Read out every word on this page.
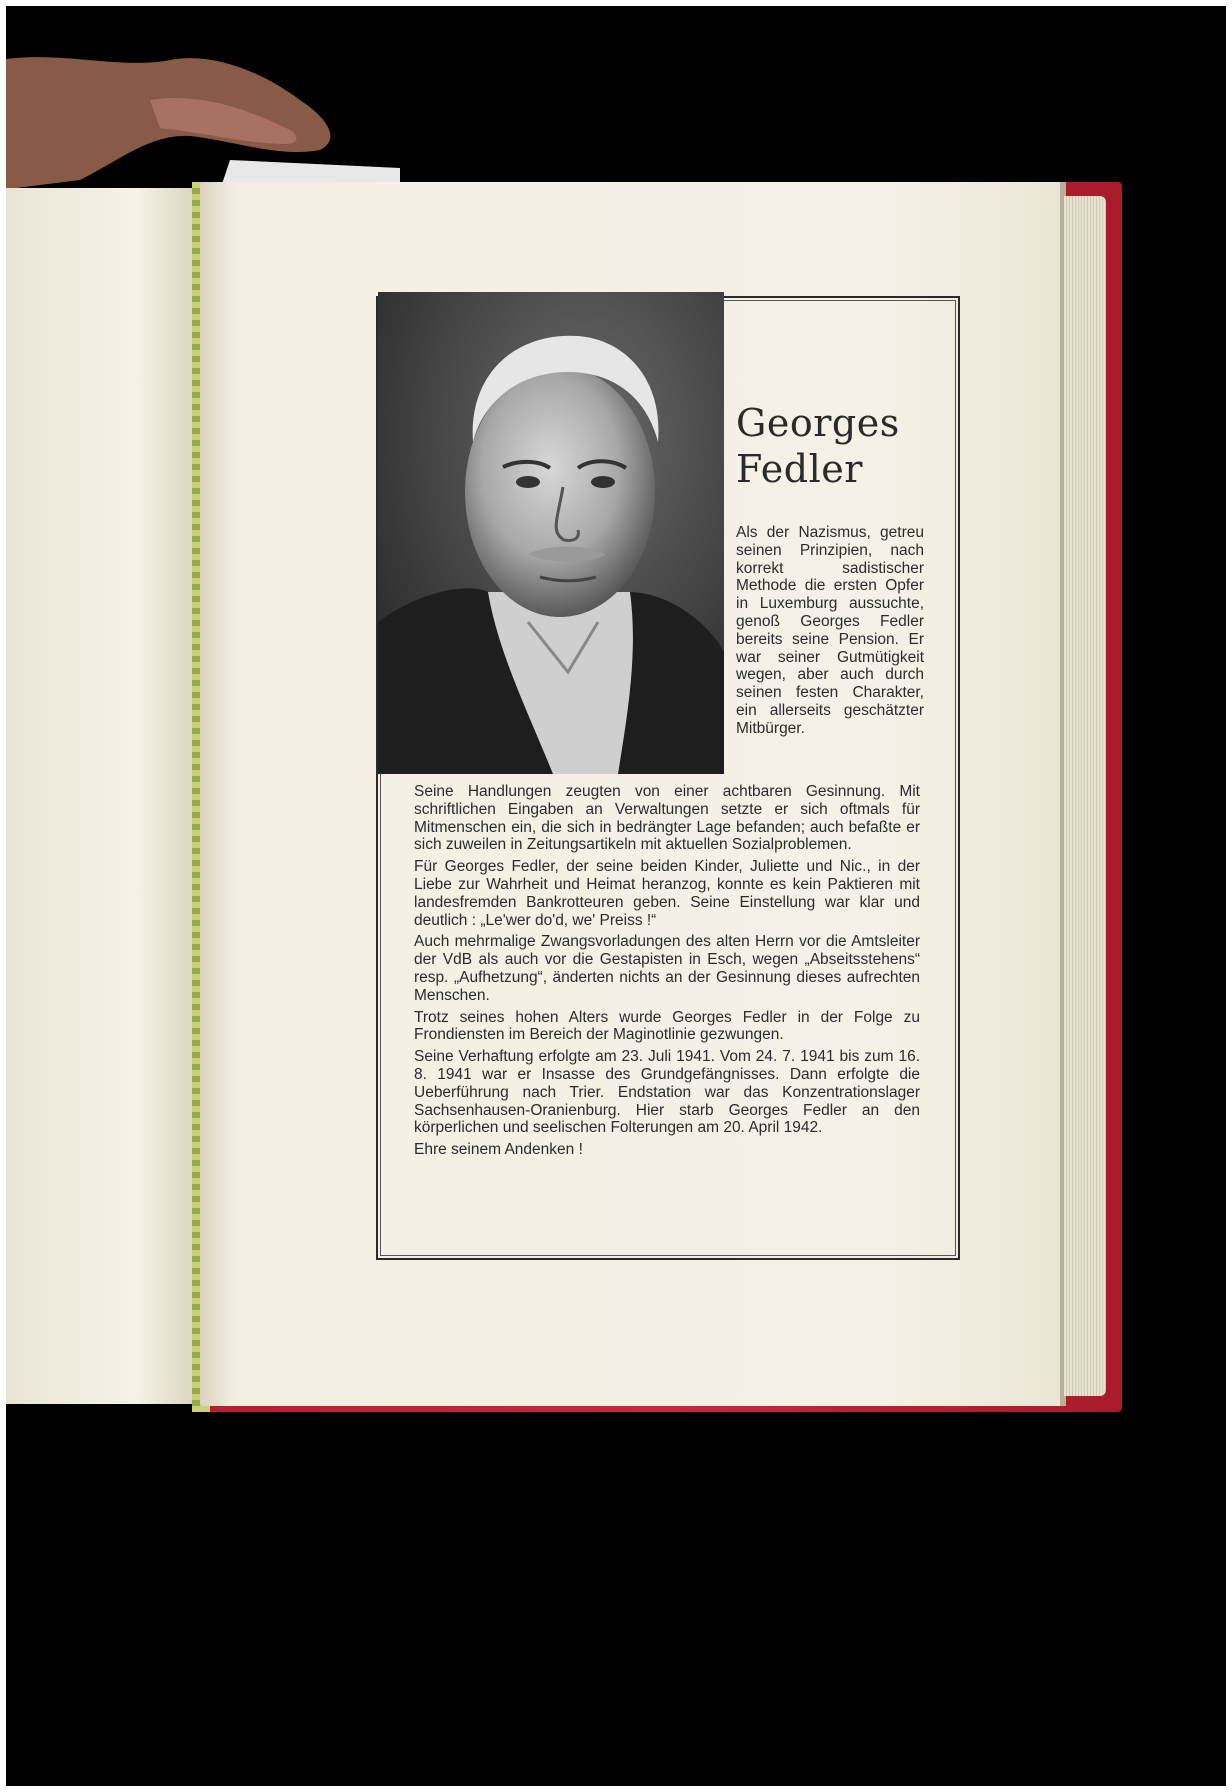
Georges
Fedler

Als der Nazismus, getreu seinen Prinzipien, nach korrekt sadistischer Methode die ersten Opfer in Luxemburg aussuchte, genoß Georges Fedler bereits seine Pension. Er war seiner Gutmütigkeit wegen, aber auch durch seinen festen Charakter, ein allerseits geschätzter Mitbürger.

Seine Handlungen zeugten von einer achtbaren Gesinnung. Mit schriftlichen Eingaben an Verwaltungen setzte er sich oftmals für Mitmenschen ein, die sich in bedrängter Lage befanden; auch befaßte er sich zuweilen in Zeitungsartikeln mit aktuellen Sozialproblemen.

Für Georges Fedler, der seine beiden Kinder, Juliette und Nic., in der Liebe zur Wahrheit und Heimat heranzog, konnte es kein Paktieren mit landesfremden Bankrotteuren geben. Seine Einstellung war klar und deutlich : „Le'wer do'd, we' Preiss !“

Auch mehrmalige Zwangsvorladungen des alten Herrn vor die Amtsleiter der VdB als auch vor die Gestapisten in Esch, wegen „Abseitsstehens“ resp. „Aufhetzung“, änderten nichts an der Gesinnung dieses aufrechten Menschen.

Trotz seines hohen Alters wurde Georges Fedler in der Folge zu Frondiensten im Bereich der Maginotlinie gezwungen.

Seine Verhaftung erfolgte am 23. Juli 1941. Vom 24. 7. 1941 bis zum 16. 8. 1941 war er Insasse des Grundgefängnisses. Dann erfolgte die Ueberführung nach Trier. Endstation war das Konzentrationslager Sachsenhausen-Oranienburg. Hier starb Georges Fedler an den körperlichen und seelischen Folterungen am 20. April 1942.

Ehre seinem Andenken !
